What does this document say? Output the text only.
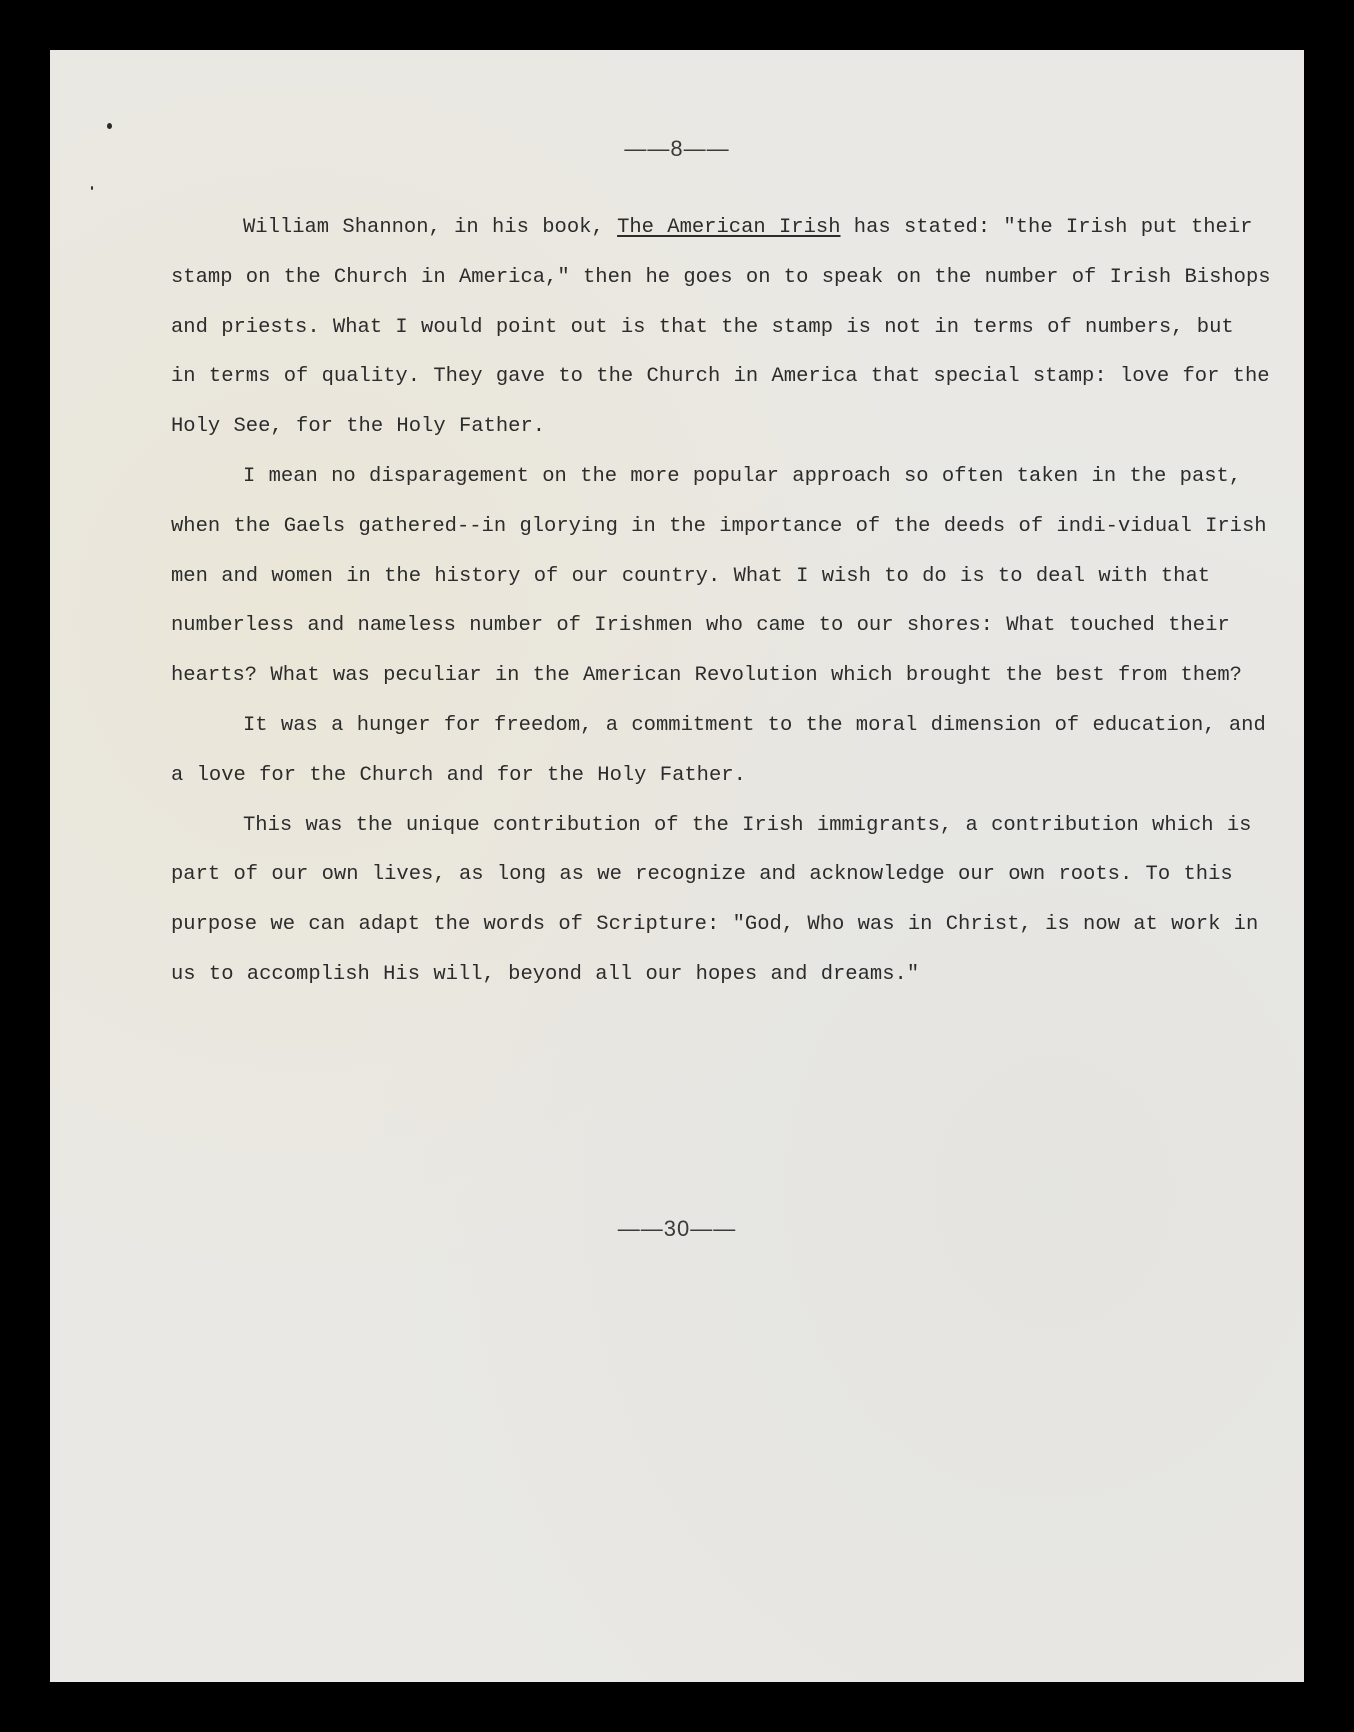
——8——

William Shannon, in his book, The American Irish has stated: "the Irish put their stamp on the Church in America," then he goes on to speak on the number of Irish Bishops and priests. What I would point out is that the stamp is not in terms of numbers, but in terms of quality. They gave to the Church in America that special stamp: love for the Holy See, for the Holy Father.

I mean no disparagement on the more popular approach so often taken in the past, when the Gaels gathered--in glorying in the importance of the deeds of indi-vidual Irish men and women in the history of our country. What I wish to do is to deal with that numberless and nameless number of Irishmen who came to our shores: What touched their hearts? What was peculiar in the American Revolution which brought the best from them?

It was a hunger for freedom, a commitment to the moral dimension of education, and a love for the Church and for the Holy Father.

This was the unique contribution of the Irish immigrants, a contribution which is part of our own lives, as long as we recognize and acknowledge our own roots. To this purpose we can adapt the words of Scripture: "God, Who was in Christ, is now at work in us to accomplish His will, beyond all our hopes and dreams."

——30——
